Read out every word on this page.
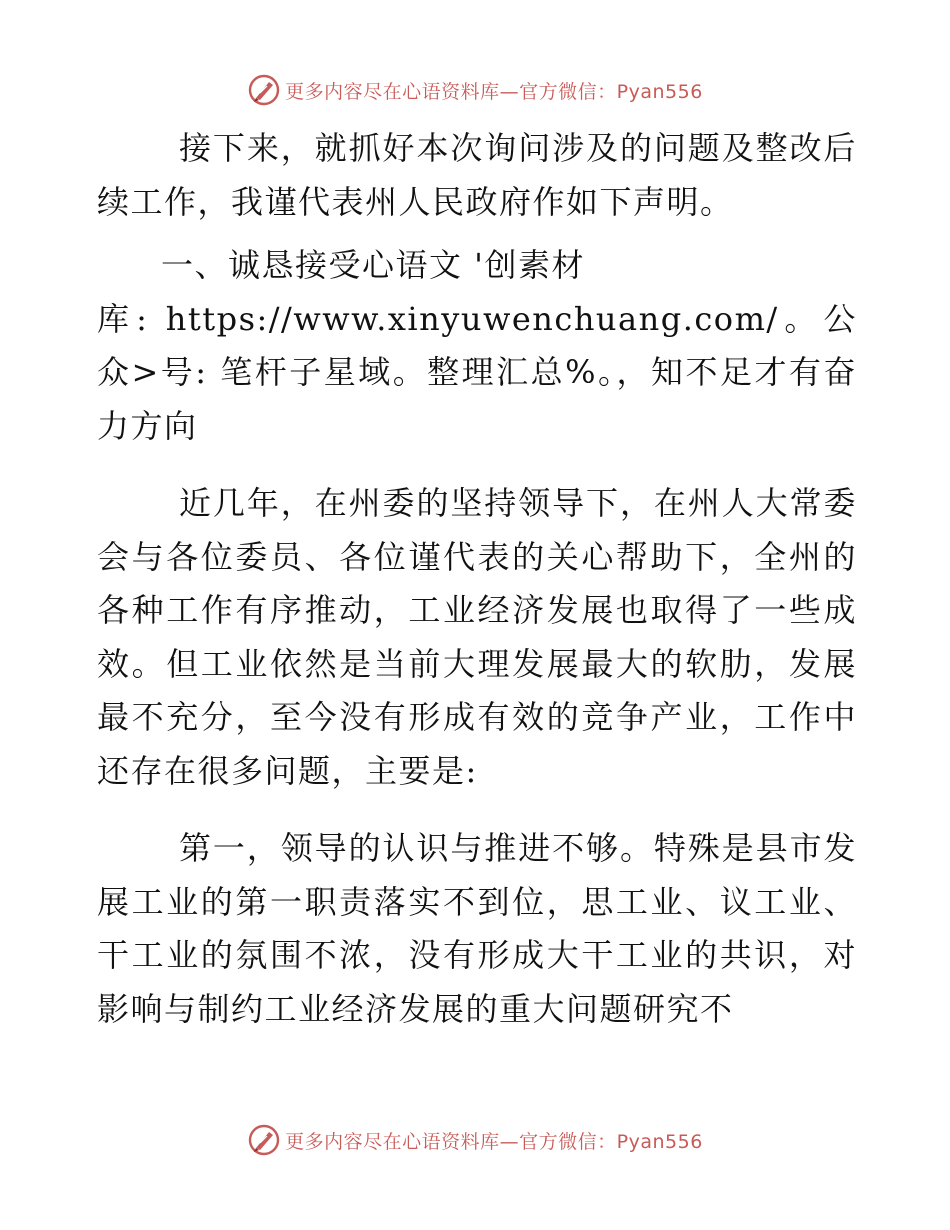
更多内容尽在心语资料库—官方微信：Pyan556

接下来，就抓好本次询问涉及的问题及整改后续工作，我谨代表州人民政府作如下声明。

一、诚恳接受心语文 '创素材

库: https://www.xinyuwenchuang.com/。公众>号: 笔杆子星域。整理汇总%。，知不足才有奋力方向

近几年，在州委的坚持领导下，在州人大常委会与各位委员、各位谨代表的关心帮助下，全州的各种工作有序推动，工业经济发展也取得了一些成效。但工业依然是当前大理发展最大的软肋，发展最不充分，至今没有形成有效的竞争产业，工作中还存在很多问题，主要是:

第一，领导的认识与推进不够。特殊是县市发展工业的第一职责落实不到位，思工业、议工业、干工业的氛围不浓，没有形成大干工业的共识，对影响与制约工业经济发展的重大问题研究不

更多内容尽在心语资料库—官方微信：Pyan556
